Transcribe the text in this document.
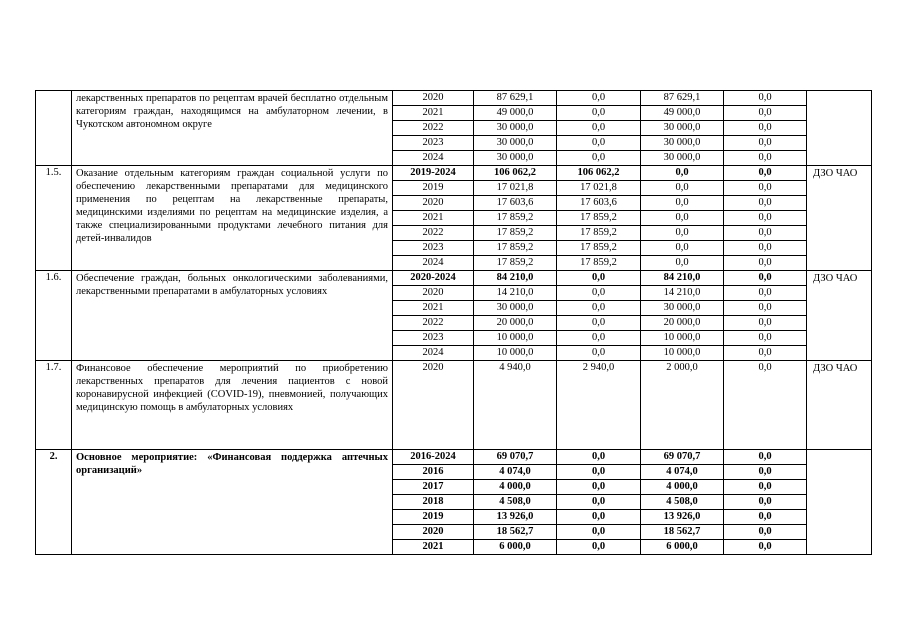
	лекарственных препаратов по рецептам врачей бесплатно отдельным категориям граждан, находящимся на амбулаторном лечении, в Чукотском автономном округе	2020	87 629,1	0,0	87 629,1	0,0	
		2021	49 000,0	0,0	49 000,0	0,0	
		2022	30 000,0	0,0	30 000,0	0,0	
		2023	30 000,0	0,0	30 000,0	0,0	
		2024	30 000,0	0,0	30 000,0	0,0	
1.5.	Оказание отдельным категориям граждан социальной услуги по обеспечению лекарственными препаратами для медицинского применения по рецептам на лекарственные препараты, медицинскими изделиями по рецептам на медицинские изделия, а также специализированными продуктами лечебного питания для детей-инвалидов	2019-2024	106 062,2	106 062,2	0,0	0,0	ДЗО ЧАО
		2019	17 021,8	17 021,8	0,0	0,0	
		2020	17 603,6	17 603,6	0,0	0,0	
		2021	17 859,2	17 859,2	0,0	0,0	
		2022	17 859,2	17 859,2	0,0	0,0	
		2023	17 859,2	17 859,2	0,0	0,0	
		2024	17 859,2	17 859,2	0,0	0,0	
1.6.	Обеспечение граждан, больных онкологическими заболеваниями, лекарственными препаратами в амбулаторных условиях	2020-2024	84 210,0	0,0	84 210,0	0,0	ДЗО ЧАО
		2020	14 210,0	0,0	14 210,0	0,0	
		2021	30 000,0	0,0	30 000,0	0,0	
		2022	20 000,0	0,0	20 000,0	0,0	
		2023	10 000,0	0,0	10 000,0	0,0	
		2024	10 000,0	0,0	10 000,0	0,0	
1.7.	Финансовое обеспечение мероприятий по приобретению лекарственных препаратов для лечения пациентов с новой коронавирусной инфекцией (COVID-19), пневмонией, получающих медицинскую помощь в амбулаторных условиях	2020	4 940,0	2 940,0	2 000,0	0,0	ДЗО ЧАО
2.	Основное мероприятие: «Финансовая поддержка аптечных организаций»	2016-2024	69 070,7	0,0	69 070,7	0,0	
		2016	4 074,0	0,0	4 074,0	0,0	
		2017	4 000,0	0,0	4 000,0	0,0	
		2018	4 508,0	0,0	4 508,0	0,0	
		2019	13 926,0	0,0	13 926,0	0,0	
		2020	18 562,7	0,0	18 562,7	0,0	
		2021	6 000,0	0,0	6 000,0	0,0	
